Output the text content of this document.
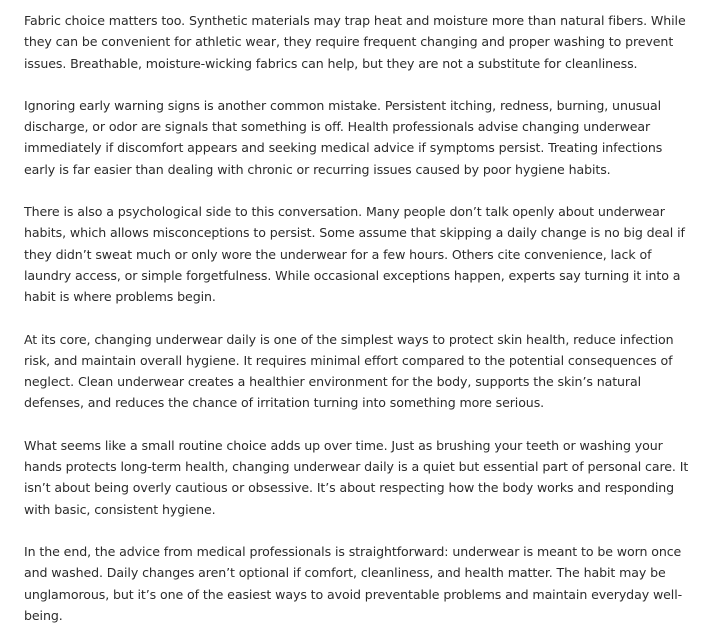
Fabric choice matters too. Synthetic materials may trap heat and moisture more than natural fibers. While they can be convenient for athletic wear, they require frequent changing and proper washing to prevent issues. Breathable, moisture-wicking fabrics can help, but they are not a substitute for cleanliness.

Ignoring early warning signs is another common mistake. Persistent itching, redness, burning, unusual discharge, or odor are signals that something is off. Health professionals advise changing underwear immediately if discomfort appears and seeking medical advice if symptoms persist. Treating infections early is far easier than dealing with chronic or recurring issues caused by poor hygiene habits.

There is also a psychological side to this conversation. Many people don’t talk openly about underwear habits, which allows misconceptions to persist. Some assume that skipping a daily change is no big deal if they didn’t sweat much or only wore the underwear for a few hours. Others cite convenience, lack of laundry access, or simple forgetfulness. While occasional exceptions happen, experts say turning it into a habit is where problems begin.

At its core, changing underwear daily is one of the simplest ways to protect skin health, reduce infection risk, and maintain overall hygiene. It requires minimal effort compared to the potential consequences of neglect. Clean underwear creates a healthier environment for the body, supports the skin’s natural defenses, and reduces the chance of irritation turning into something more serious.

What seems like a small routine choice adds up over time. Just as brushing your teeth or washing your hands protects long-term health, changing underwear daily is a quiet but essential part of personal care. It isn’t about being overly cautious or obsessive. It’s about respecting how the body works and responding with basic, consistent hygiene.

In the end, the advice from medical professionals is straightforward: underwear is meant to be worn once and washed. Daily changes aren’t optional if comfort, cleanliness, and health matter. The habit may be unglamorous, but it’s one of the easiest ways to avoid preventable problems and maintain everyday well-being.
